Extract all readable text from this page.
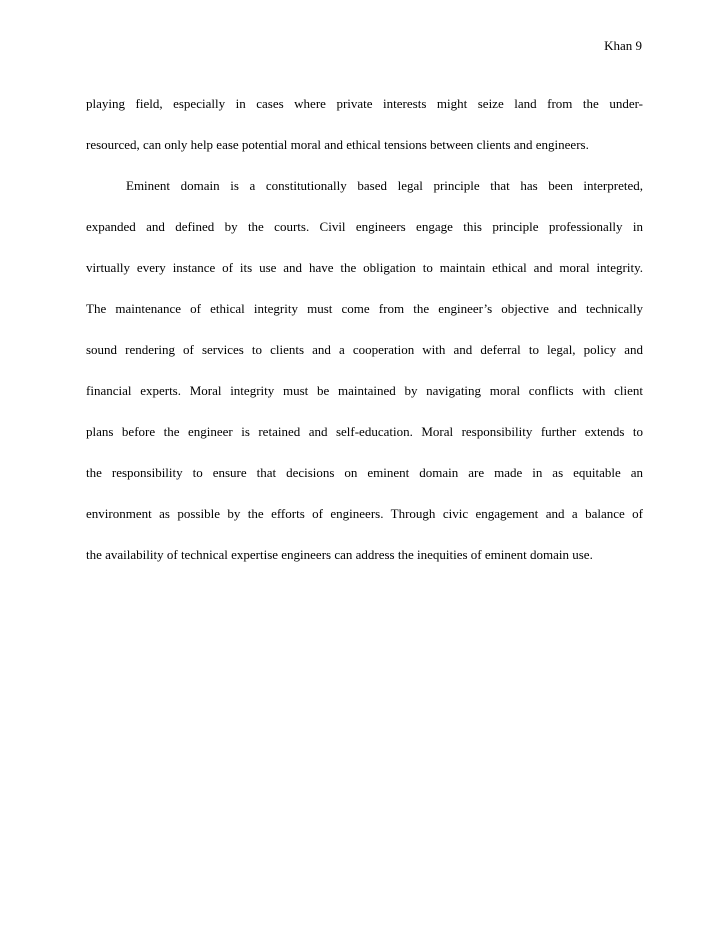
Khan 9
playing field, especially in cases where private interests might seize land from the under-
resourced, can only help ease potential moral and ethical tensions between clients and engineers.
Eminent domain is a constitutionally based legal principle that has been interpreted,
expanded and defined by the courts. Civil engineers engage this principle professionally in
virtually every instance of its use and have the obligation to maintain ethical and moral integrity.
The maintenance of ethical integrity must come from the engineer’s objective and technically
sound rendering of services to clients and a cooperation with and deferral to legal, policy and
financial experts. Moral integrity must be maintained by navigating moral conflicts with client
plans before the engineer is retained and self-education. Moral responsibility further extends to
the responsibility to ensure that decisions on eminent domain are made in as equitable an
environment as possible by the efforts of engineers. Through civic engagement and a balance of
the availability of technical expertise engineers can address the inequities of eminent domain use.
